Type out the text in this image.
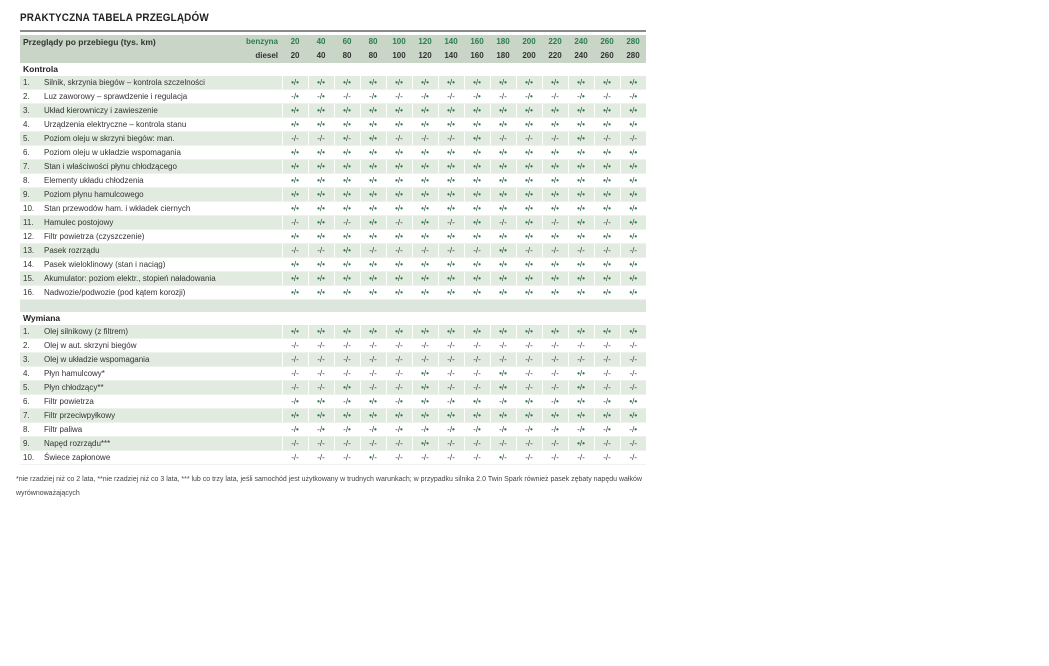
PRAKTYCZNA TABELA PRZEGLĄDÓW
Przeglądy po przebiegu (tys. km)		benzyna	20	40	60	80	100	120	140	160	180	200	220	240	260	280
		diesel	20	40	80	80	100	120	140	160	180	200	220	240	260	280
Kontrola																
1.	Silnik, skrzynia biegów – kontrola szczelności		•/•	•/•	•/•	•/•	•/•	•/•	•/•	•/•	•/•	•/•	•/•	•/•	•/•	•/•
2.	Luz zaworowy – sprawdzenie i regulacja		-/•	-/•	-/-	-/•	-/-	-/•	-/-	-/•	-/-	-/•	-/-	-/•	-/-	-/•
3.	Układ kierowniczy i zawieszenie		•/•	•/•	•/•	•/•	•/•	•/•	•/•	•/•	•/•	•/•	•/•	•/•	•/•	•/•
4.	Urządzenia elektryczne – kontrola stanu		•/•	•/•	•/•	•/•	•/•	•/•	•/•	•/•	•/•	•/•	•/•	•/•	•/•	•/•
5.	Poziom oleju w skrzyni biegów: man.		-/-	-/-	•/-	•/•	-/-	-/-	-/-	•/•	-/-	-/-	-/-	•/•	-/-	-/-
6.	Poziom oleju w układzie wspomagania		•/•	•/•	•/•	•/•	•/•	•/•	•/•	•/•	•/•	•/•	•/•	•/•	•/•	•/•
7.	Stan i właściwości płynu chłodzącego		•/•	•/•	•/•	•/•	•/•	•/•	•/•	•/•	•/•	•/•	•/•	•/•	•/•	•/•
8.	Elementy układu chłodzenia		•/•	•/•	•/•	•/•	•/•	•/•	•/•	•/•	•/•	•/•	•/•	•/•	•/•	•/•
9.	Poziom płynu hamulcowego		•/•	•/•	•/•	•/•	•/•	•/•	•/•	•/•	•/•	•/•	•/•	•/•	•/•	•/•
10.	Stan przewodów ham. i wkładek ciernych		•/•	•/•	•/•	•/•	•/•	•/•	•/•	•/•	•/•	•/•	•/•	•/•	•/•	•/•
11.	Hamulec postojowy		-/-	•/•	-/-	•/•	-/-	•/•	-/-	•/•	-/-	•/•	-/-	•/•	-/-	•/•
12.	Filtr powietrza (czyszczenie)		•/•	•/•	•/•	•/•	•/•	•/•	•/•	•/•	•/•	•/•	•/•	•/•	•/•	•/•
13.	Pasek rozrządu		-/-	-/-	•/•	-/-	-/-	-/-	-/-	-/-	•/•	-/-	-/-	-/-	-/-	-/-
14.	Pasek wieloklinowy (stan i naciąg)		•/•	•/•	•/•	•/•	•/•	•/•	•/•	•/•	•/•	•/•	•/•	•/•	•/•	•/•
15.	Akumulator: poziom elektr., stopień naładowania		•/•	•/•	•/•	•/•	•/•	•/•	•/•	•/•	•/•	•/•	•/•	•/•	•/•	•/•
16.	Nadwozie/podwozie (pod kątem korozji)		•/•	•/•	•/•	•/•	•/•	•/•	•/•	•/•	•/•	•/•	•/•	•/•	•/•	•/•

Wymiana																
1.	Olej silnikowy (z filtrem)		•/•	•/•	•/•	•/•	•/•	•/•	•/•	•/•	•/•	•/•	•/•	•/•	•/•	•/•
2.	Olej w aut. skrzyni biegów		-/-	-/-	-/-	-/-	-/-	-/-	-/-	-/-	-/-	-/-	-/-	-/-	-/-	-/-
3.	Olej w układzie wspomagania		-/-	-/-	-/-	-/-	-/-	-/-	-/-	-/-	-/-	-/-	-/-	-/-	-/-	-/-
4.	Płyn hamulcowy*		-/-	-/-	-/-	-/-	-/-	•/•	-/-	-/-	•/•	-/-	-/-	•/•	-/-	-/-
5.	Płyn chłodzący**		-/-	-/-	•/•	-/-	-/-	•/•	-/-	-/-	•/•	-/-	-/-	•/•	-/-	-/-
6.	Filtr powietrza		-/•	•/•	-/•	•/•	-/•	•/•	-/•	•/•	-/•	•/•	-/•	•/•	-/•	•/•
7.	Filtr przeciwpyłkowy		•/•	•/•	•/•	•/•	•/•	•/•	•/•	•/•	•/•	•/•	•/•	•/•	•/•	•/•
8.	Filtr paliwa		-/•	-/•	-/•	-/•	-/•	-/•	-/•	-/•	-/•	-/•	-/•	-/•	-/•	-/•
9.	Napęd rozrządu***		-/-	-/-	-/-	-/-	-/-	•/•	-/-	-/-	-/-	-/-	-/-	•/•	-/-	-/-
10.	Świece zapłonowe		-/-	-/-	-/-	•/-	-/-	-/-	-/-	-/-	•/-	-/-	-/-	-/-	-/-	-/-
*nie rzadziej niż co 2 lata, **nie rzadziej niż co 3 lata, *** lub co trzy lata, jeśli samochód jest użytkowany w trudnych warunkach; w przypadku silnika 2.0 Twin Spark również pasek zębaty napędu wałków wyrównoważających
